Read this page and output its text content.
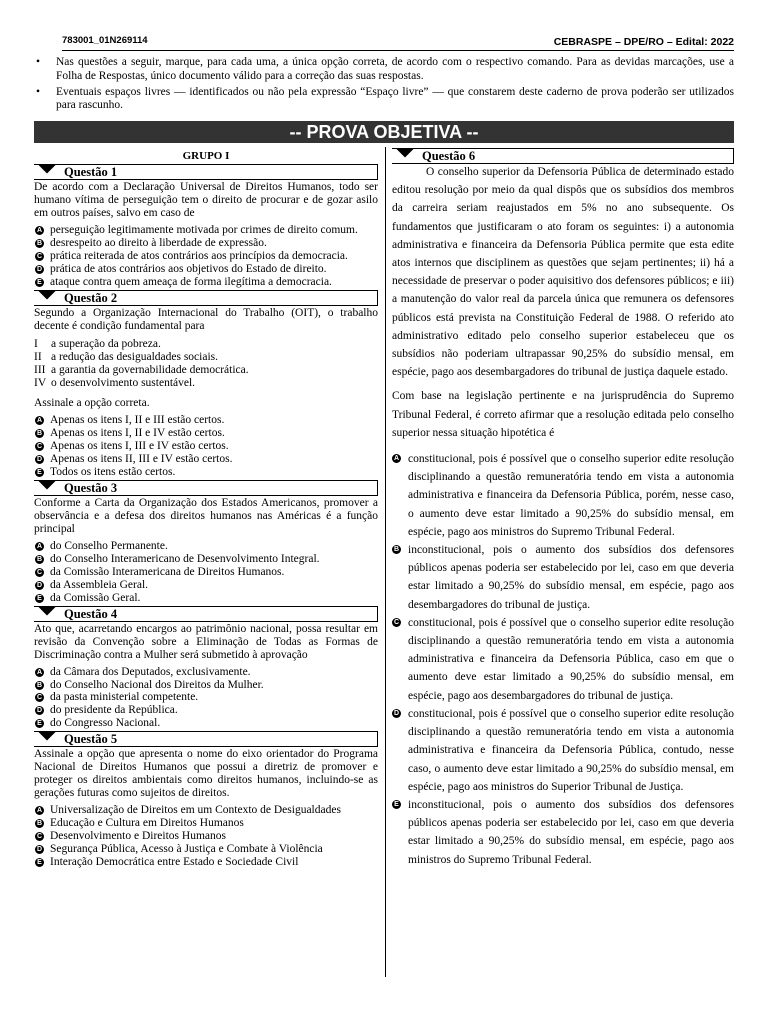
783001_01N269114	CEBRASPE – DPE/RO – Edital: 2022
•	Nas questões a seguir, marque, para cada uma, a única opção correta, de acordo com o respectivo comando. Para as devidas marcações, use a Folha de Respostas, único documento válido para a correção das suas respostas.
•	Eventuais espaços livres — identificados ou não pela expressão “Espaço livre” — que constarem deste caderno de prova poderão ser utilizados para rascunho.
-- PROVA OBJETIVA --
GRUPO I
Questão 1
De acordo com a Declaração Universal de Direitos Humanos, todo ser humano vítima de perseguição tem o direito de procurar e de gozar asilo em outros países, salvo em caso de
A perseguição legitimamente motivada por crimes de direito comum.
B desrespeito ao direito à liberdade de expressão.
C prática reiterada de atos contrários aos princípios da democracia.
D prática de atos contrários aos objetivos do Estado de direito.
E ataque contra quem ameaça de forma ilegítima a democracia.
Questão 2
Segundo a Organização Internacional do Trabalho (OIT), o trabalho decente é condição fundamental para
I	a superação da pobreza.
II a redução das desigualdades sociais.
III a garantia da governabilidade democrática.
IV o desenvolvimento sustentável.
Assinale a opção correta.
A Apenas os itens I, II e III estão certos.
B Apenas os itens I, II e IV estão certos.
C Apenas os itens I, III e IV estão certos.
D Apenas os itens II, III e IV estão certos.
E Todos os itens estão certos.
Questão 3
Conforme a Carta da Organização dos Estados Americanos, promover a observância e a defesa dos direitos humanos nas Américas é a função principal
A do Conselho Permanente.
B do Conselho Interamericano de Desenvolvimento Integral.
C da Comissão Interamericana de Direitos Humanos.
D da Assembleia Geral.
E da Comissão Geral.
Questão 4
Ato que, acarretando encargos ao patrimônio nacional, possa resultar em revisão da Convenção sobre a Eliminação de Todas as Formas de Discriminação contra a Mulher será submetido à aprovação
A da Câmara dos Deputados, exclusivamente.
B do Conselho Nacional dos Direitos da Mulher.
C da pasta ministerial competente.
D do presidente da República.
E do Congresso Nacional.
Questão 5
Assinale a opção que apresenta o nome do eixo orientador do Programa Nacional de Direitos Humanos que possui a diretriz de promover e proteger os direitos ambientais como direitos humanos, incluindo-se as gerações futuras como sujeitos de direitos.
A Universalização de Direitos em um Contexto de Desigualdades
B Educação e Cultura em Direitos Humanos
C Desenvolvimento e Direitos Humanos
D Segurança Pública, Acesso à Justiça e Combate à Violência
E Interação Democrática entre Estado e Sociedade Civil
Questão 6
O conselho superior da Defensoria Pública de determinado estado editou resolução por meio da qual dispôs que os subsídios dos membros da carreira seriam reajustados em 5% no ano subsequente. Os fundamentos que justificaram o ato foram os seguintes: i) a autonomia administrativa e financeira da Defensoria Pública permite que esta edite atos internos que disciplinem as questões que sejam pertinentes; ii) há a necessidade de preservar o poder aquisitivo dos defensores públicos; e iii) a manutenção do valor real da parcela única que remunera os defensores públicos está prevista na Constituição Federal de 1988. O referido ato administrativo editado pelo conselho superior estabeleceu que os subsídios não poderiam ultrapassar 90,25% do subsídio mensal, em espécie, pago aos desembargadores do tribunal de justiça daquele estado.
Com base na legislação pertinente e na jurisprudência do Supremo Tribunal Federal, é correto afirmar que a resolução editada pelo conselho superior nessa situação hipotética é
A constitucional, pois é possível que o conselho superior edite resolução disciplinando a questão remuneratória tendo em vista a autonomia administrativa e financeira da Defensoria Pública, porém, nesse caso, o aumento deve estar limitado a 90,25% do subsídio mensal, em espécie, pago aos ministros do Supremo Tribunal Federal.
B inconstitucional, pois o aumento dos subsídios dos defensores públicos apenas poderia ser estabelecido por lei, caso em que deveria estar limitado a 90,25% do subsídio mensal, em espécie, pago aos desembargadores do tribunal de justiça.
C constitucional, pois é possível que o conselho superior edite resolução disciplinando a questão remuneratória tendo em vista a autonomia administrativa e financeira da Defensoria Pública, caso em que o aumento deve estar limitado a 90,25% do subsídio mensal, em espécie, pago aos desembargadores do tribunal de justiça.
D constitucional, pois é possível que o conselho superior edite resolução disciplinando a questão remuneratória tendo em vista a autonomia administrativa e financeira da Defensoria Pública, contudo, nesse caso, o aumento deve estar limitado a 90,25% do subsídio mensal, em espécie, pago aos ministros do Superior Tribunal de Justiça.
E inconstitucional, pois o aumento dos subsídios dos defensores públicos apenas poderia ser estabelecido por lei, caso em que deveria estar limitado a 90,25% do subsídio mensal, em espécie, pago aos ministros do Supremo Tribunal Federal.
